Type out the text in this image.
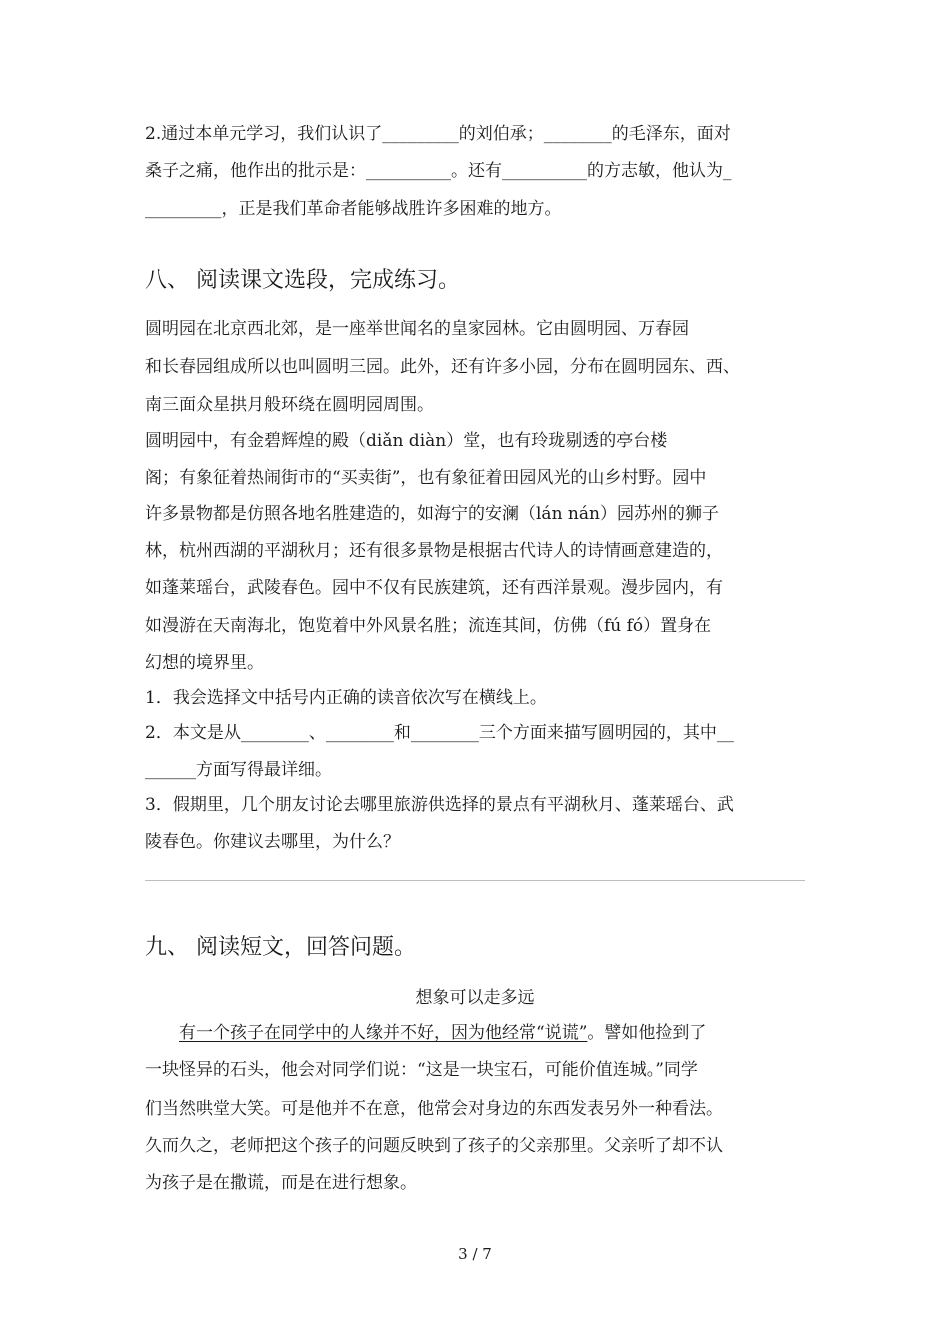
2.通过本单元学习，我们认识了_________的刘伯承；________的毛泽东，面对
桑子之痛，他作出的批示是：__________。还有__________的方志敏，他认为_
_________，正是我们革命者能够战胜许多困难的地方。
八、 阅读课文选段，完成练习。
圆明园在北京西北郊，是一座举世闻名的皇家园林。它由圆明园、万春园
和长春园组成所以也叫圆明三园。此外，还有许多小园，分布在圆明园东、西、
南三面众星拱月般环绕在圆明园周围。
圆明园中，有金碧辉煌的殿（diǎn diàn）堂，也有玲珑剔透的亭台楼
阁；有象征着热闹街市的“买卖街”，也有象征着田园风光的山乡村野。园中
许多景物都是仿照各地名胜建造的，如海宁的安澜（lán nán）园苏州的狮子
林，杭州西湖的平湖秋月；还有很多景物是根据古代诗人的诗情画意建造的，
如蓬莱瑶台，武陵春色。园中不仅有民族建筑，还有西洋景观。漫步园内，有
如漫游在天南海北，饱览着中外风景名胜；流连其间，仿佛（fú fó）置身在
幻想的境界里。
1．我会选择文中括号内正确的读音依次写在横线上。
2．本文是从________、________和________三个方面来描写圆明园的，其中__
______方面写得最详细。
3．假期里，几个朋友讨论去哪里旅游供选择的景点有平湖秋月、蓬莱瑶台、武
陵春色。你建议去哪里，为什么？
九、 阅读短文，回答问题。
想象可以走多远
　　有一个孩子在同学中的人缘并不好，因为他经常“说谎”。譬如他捡到了
一块怪异的石头，他会对同学们说：“这是一块宝石，可能价值连城。”同学
们当然哄堂大笑。可是他并不在意，他常会对身边的东西发表另外一种看法。
久而久之，老师把这个孩子的问题反映到了孩子的父亲那里。父亲听了却不认
为孩子是在撒谎，而是在进行想象。
3 / 7
